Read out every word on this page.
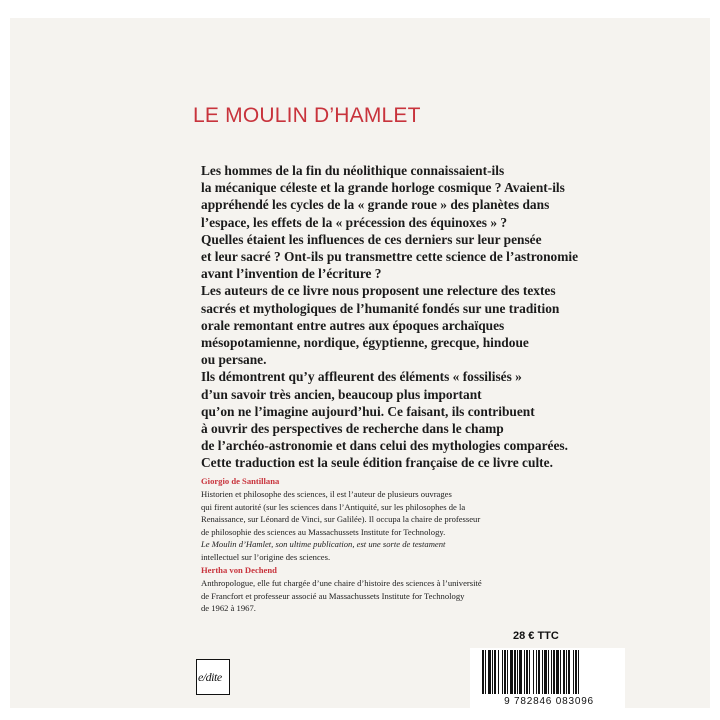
LE MOULIN D’HAMLET
Les hommes de la fin du néolithique connaissaient-ils
la mécanique céleste et la grande horloge cosmique ? Avaient-ils
appréhendé les cycles de la « grande roue » des planètes dans
l’espace, les effets de la « précession des équinoxes » ?
Quelles étaient les influences de ces derniers sur leur pensée
et leur sacré ? Ont-ils pu transmettre cette science de l’astronomie
avant l’invention de l’écriture ?
Les auteurs de ce livre nous proposent une relecture des textes
sacrés et mythologiques de l’humanité fondés sur une tradition
orale remontant entre autres aux époques archaïques
mésopotamienne, nordique, égyptienne, grecque, hindoue
ou persane.
Ils démontrent qu’y affleurent des éléments « fossilisés »
d’un savoir très ancien, beaucoup plus important
qu’on ne l’imagine aujourd’hui. Ce faisant, ils contribuent
à ouvrir des perspectives de recherche dans le champ
de l’archéo-astronomie et dans celui des mythologies comparées.
Cette traduction est la seule édition française de ce livre culte.
Giorgio de Santillana
Historien et philosophe des sciences, il est l’auteur de plusieurs ouvrages
qui firent autorité (sur les sciences dans l’Antiquité, sur les philosophes de la
Renaissance, sur Léonard de Vinci, sur Galilée). Il occupa la chaire de professeur
de philosophie des sciences au Massachussets Institute for Technology.
Le Moulin d’Hamlet, son ultime publication, est une sorte de testament
intellectuel sur l’origine des sciences.
Hertha von Dechend
Anthropologue, elle fut chargée d’une chaire d’histoire des sciences à l’université
de Francfort et professeur associé au Massachussets Institute for Technology
de 1962 à 1967.
28 € TTC
e/dite
9 782846 083096
